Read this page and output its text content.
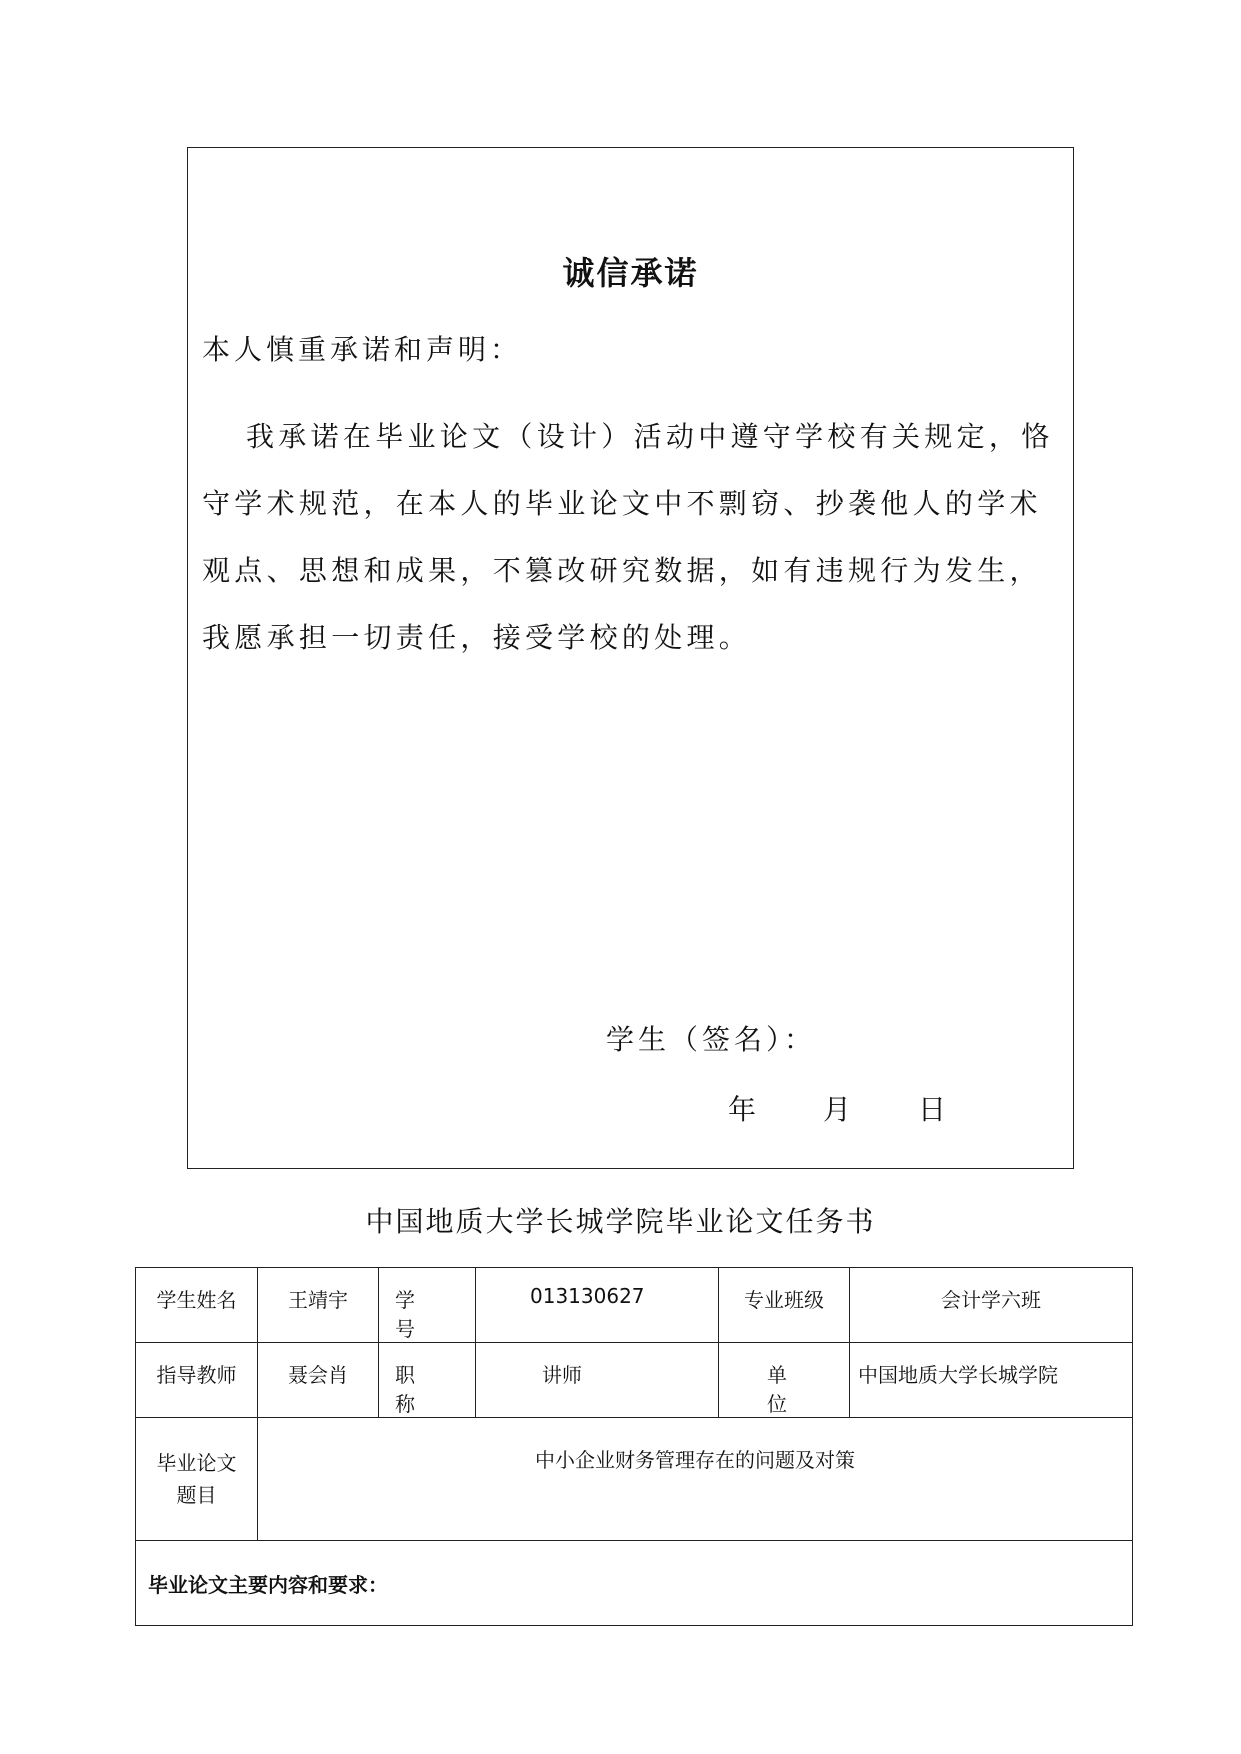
诚信承诺
本人慎重承诺和声明：
我承诺在毕业论文（设计）活动中遵守学校有关规定，恪守学术规范，在本人的毕业论文中不剽窃、抄袭他人的学术观点、思想和成果，不篡改研究数据，如有违规行为发生，我愿承担一切责任，接受学校的处理。
学生（签名）：
年 月 日
中国地质大学长城学院毕业论文任务书
学生姓名	王靖宇	学 号	013130627	专业班级	会计学六班
指导教师	聂会肖	职 称	讲师	单 位	中国地质大学长城学院

毕业论文
题目	中小企业财务管理存在的问题及对策				
毕业论文主要内容和要求：					
